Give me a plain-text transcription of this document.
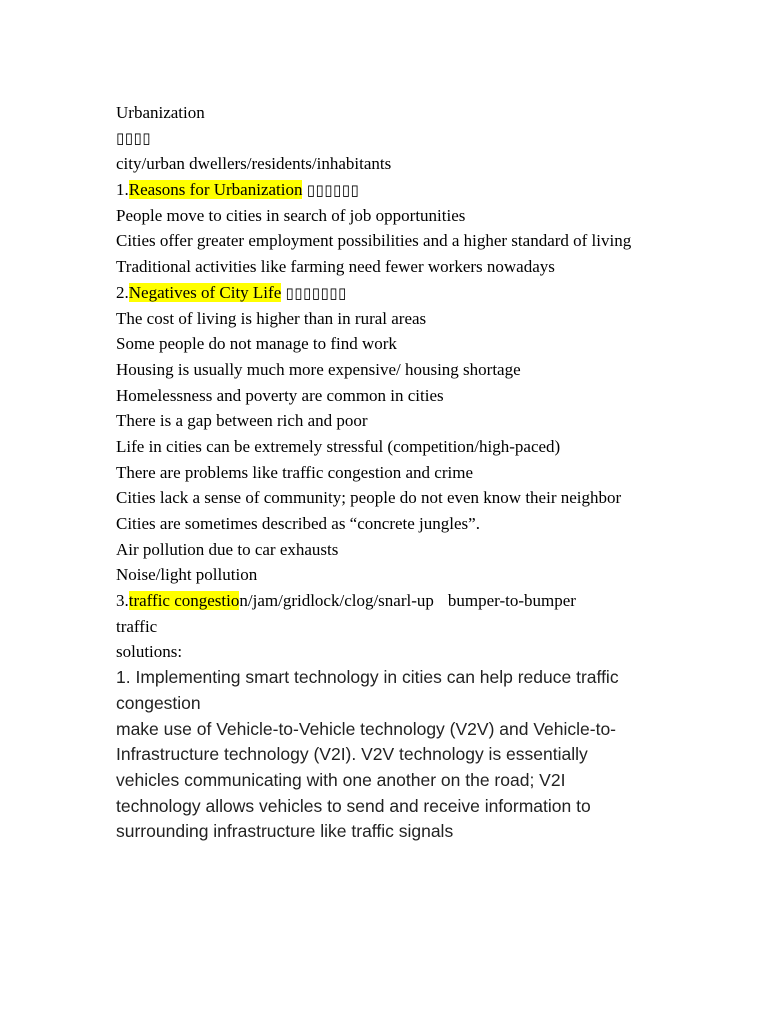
Urbanization
▯▯▯▯
city/urban dwellers/residents/inhabitants
1.Reasons for Urbanization ▯▯▯▯▯▯
People move to cities in search of job opportunities
Cities offer greater employment possibilities and a higher standard of living
Traditional activities like farming need fewer workers nowadays
2.Negatives of City Life ▯▯▯▯▯▯▯
The cost of living is higher than in rural areas
Some people do not manage to find work
Housing is usually much more expensive/ housing shortage
Homelessness and poverty are common in cities
There is a gap between rich and poor
Life in cities can be extremely stressful (competition/high-paced)
There are problems like traffic congestion and crime
Cities lack a sense of community; people do not even know their neighbor
Cities are sometimes described as “concrete jungles”.
Air pollution due to car exhausts
Noise/light pollution
3.traffic congestion/jam/gridlock/clog/snarl-up bumper-to-bumper
traffic
solutions:
1. Implementing smart technology in cities can help reduce traffic congestion
make use of Vehicle-to-Vehicle technology (V2V) and Vehicle-to-Infrastructure technology (V2I). V2V technology is essentially vehicles communicating with one another on the road; V2I technology allows vehicles to send and receive information to surrounding infrastructure like traffic signals
